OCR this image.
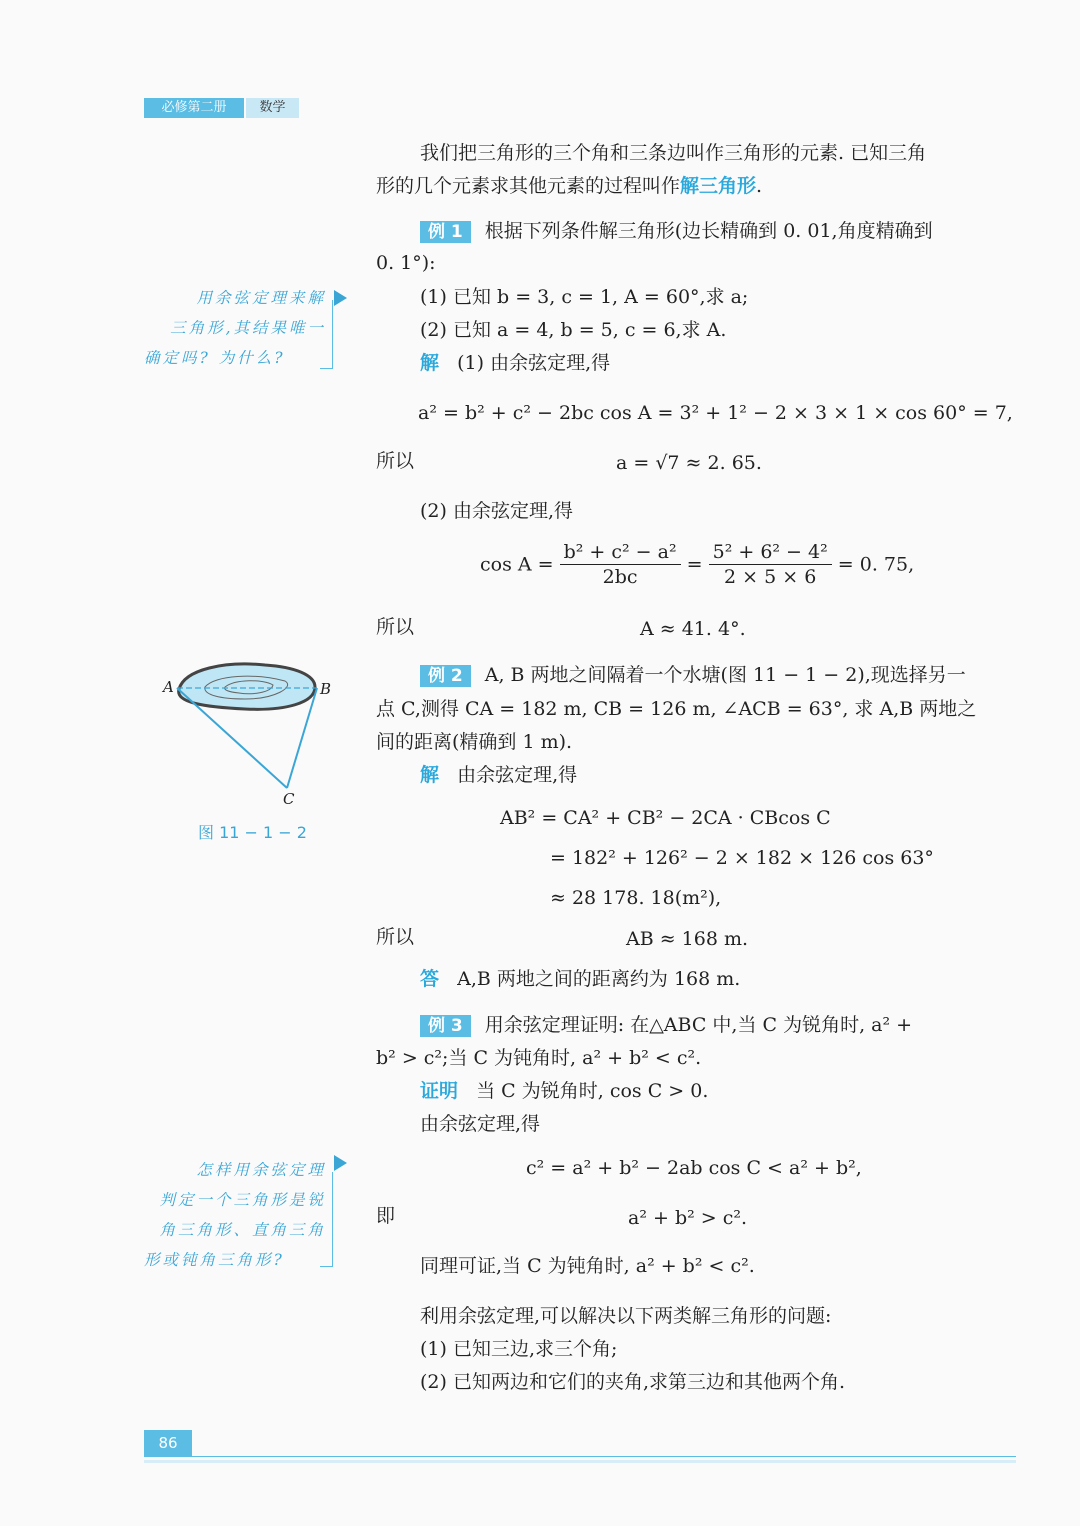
必修第二册	数学
我们把三角形的三个角和三条边叫作三角形的元素. 已知三角
形的几个元素求其他元素的过程叫作解三角形.
例 1 根据下列条件解三角形(边长精确到 0. 01,角度精确到
0. 1°):
(1) 已知 b = 3, c = 1, A = 60°,求 a;
(2) 已知 a = 4, b = 5, c = 6,求 A.
解 (1) 由余弦定理,得
a² = b² + c² − 2bc cos A = 3² + 1² − 2 × 3 × 1 × cos 60° = 7,
所以	a = √7 ≈ 2. 65.
(2) 由余弦定理,得
$\cos A = \frac{\text{b² + c² − a²}}{2bc} = \frac{\text{5² + 6² − 4²}}{2 \times 5 \times 6} = 0$. 75,
所以	A ≈ 41. 4°.
例 2 A, B 两地之间隔着一个水塘(图 11 − 1 − 2),现选择另一
点 C,测得 CA = 182 m, CB = 126 m, ∠ACB = 63°, 求 A,B 两地之
间的距离(精确到 1 m).
解 由余弦定理,得
AB² = CA² + CB² − 2CA · CBcos C
= 182² + 126² − 2 × 182 × 126 cos 63°
≈ 28 178. 18(m²),
所以	AB ≈ 168 m.
答 A,B 两地之间的距离约为 168 m.
例 3 用余弦定理证明: 在△ABC 中,当 C 为锐角时, a² +
b² > c²;当 C 为钝角时, a² + b² < c².
证明 当 C 为锐角时, cos C > 0.
由余弦定理,得
c² = a² + b² − 2ab cos C < a² + b²,
即	a² + b² > c².
同理可证,当 C 为钝角时, a² + b² < c².
利用余弦定理,可以解决以下两类解三角形的问题:
(1) 已知三边,求三个角;
(2) 已知两边和它们的夹角,求第三边和其他两个角.
用余弦定理来解
三角形,其结果唯一
确定吗? 为什么?
怎样用余弦定理
判定一个三角形是锐
角三角形、直角三角
形或钝角三角形?
A	B
C
图 11 − 1 − 2
86
